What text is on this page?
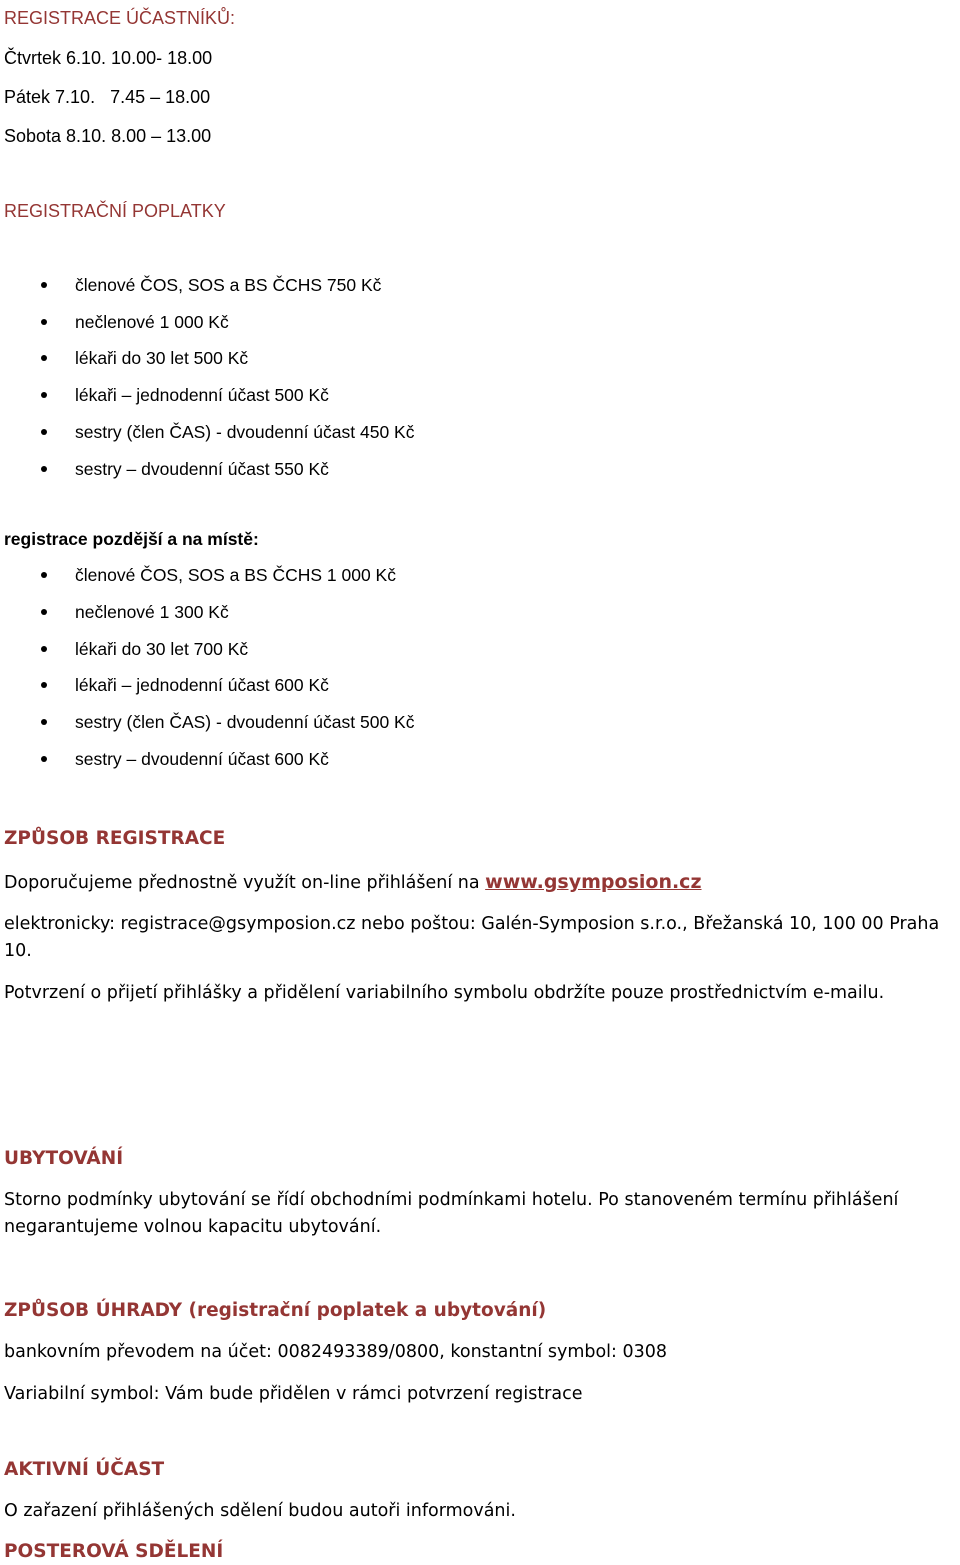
REGISTRACE ÚČASTNÍKŮ:
Čtvrtek 6.10. 10.00- 18.00
Pátek 7.10.   7.45 – 18.00
Sobota 8.10. 8.00 – 13.00
REGISTRAČNÍ POPLATKY
členové ČOS, SOS a BS ČCHS 750 Kč
nečlenové 1 000 Kč
lékaři do 30 let 500 Kč
lékaři – jednodenní účast 500 Kč
sestry (člen ČAS) - dvoudenní účast 450 Kč
sestry – dvoudenní účast 550 Kč
registrace pozdější a na místě:
členové ČOS, SOS a BS ČCHS 1 000 Kč
nečlenové 1 300 Kč
lékaři do 30 let 700 Kč
lékaři – jednodenní účast 600 Kč
sestry (člen ČAS) - dvoudenní účast 500 Kč
sestry – dvoudenní účast 600 Kč
ZPŮSOB REGISTRACE
Doporučujeme přednostně využít on-line přihlášení na www.gsymposion.cz
elektronicky: registrace@gsymposion.cz nebo poštou: Galén-Symposion s.r.o., Břežanská 10, 100 00 Praha 10.
Potvrzení o přijetí přihlášky a přidělení variabilního symbolu obdržíte pouze prostřednictvím e-mailu.
UBYTOVÁNÍ
Storno podmínky ubytování se řídí obchodními podmínkami hotelu. Po stanoveném termínu přihlášení negarantujeme volnou kapacitu ubytování.
ZPŮSOB ÚHRADY (registrační poplatek a ubytování)
bankovním převodem na účet: 0082493389/0800, konstantní symbol: 0308
Variabilní symbol: Vám bude přidělen v rámci potvrzení registrace
AKTIVNÍ ÚČAST
O zařazení přihlášených sdělení budou autoři informováni.
POSTEROVÁ SDĚLENÍ
